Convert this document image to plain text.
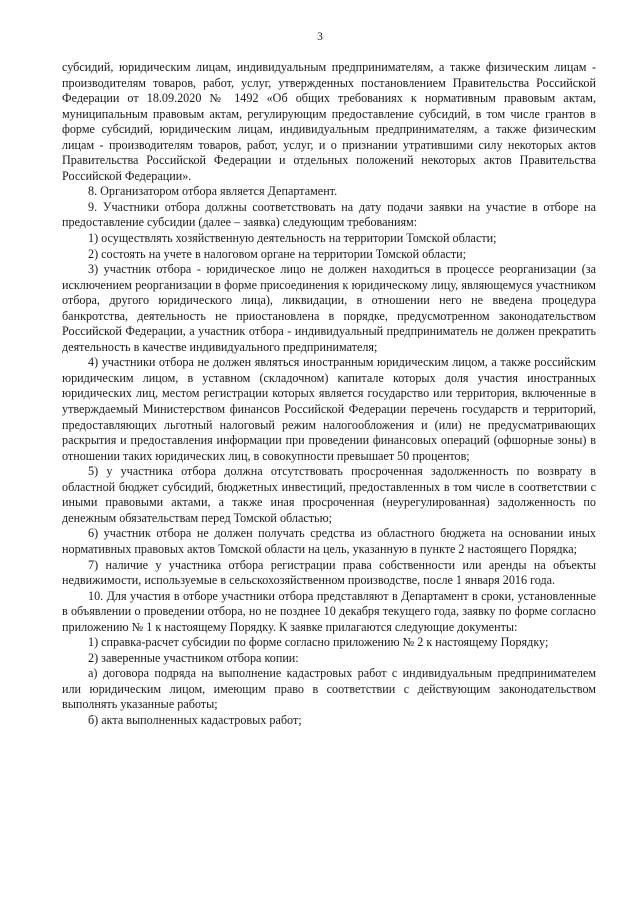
3

субсидий, юридическим лицам, индивидуальным предпринимателям, а также физическим лицам - производителям товаров, работ, услуг, утвержденных постановлением Правительства Российской Федерации от 18.09.2020 № 1492 «Об общих требованиях к нормативным правовым актам, муниципальным правовым актам, регулирующим предоставление субсидий, в том числе грантов в форме субсидий, юридическим лицам, индивидуальным предпринимателям, а также физическим лицам - производителям товаров, работ, услуг, и о признании утратившими силу некоторых актов Правительства Российской Федерации и отдельных положений некоторых актов Правительства Российской Федерации».

8. Организатором отбора является Департамент.

9. Участники отбора должны соответствовать на дату подачи заявки на участие в отборе на предоставление субсидии (далее – заявка) следующим требованиям:

1) осуществлять хозяйственную деятельность на территории Томской области;

2) состоять на учете в налоговом органе на территории Томской области;

3) участник отбора - юридическое лицо не должен находиться в процессе реорганизации (за исключением реорганизации в форме присоединения к юридическому лицу, являющемуся участником отбора, другого юридического лица), ликвидации, в отношении него не введена процедура банкротства, деятельность не приостановлена в порядке, предусмотренном законодательством Российской Федерации, а участник отбора - индивидуальный предприниматель не должен прекратить деятельность в качестве индивидуального предпринимателя;

4) участники отбора не должен являться иностранным юридическим лицом, а также российским юридическим лицом, в уставном (складочном) капитале которых доля участия иностранных юридических лиц, местом регистрации которых является государство или территория, включенные в утверждаемый Министерством финансов Российской Федерации перечень государств и территорий, предоставляющих льготный налоговый режим налогообложения и (или) не предусматривающих раскрытия и предоставления информации при проведении финансовых операций (офшорные зоны) в отношении таких юридических лиц, в совокупности превышает 50 процентов;

5) у участника отбора должна отсутствовать просроченная задолженность по возврату в областной бюджет субсидий, бюджетных инвестиций, предоставленных в том числе в соответствии с иными правовыми актами, а также иная просроченная (неурегулированная) задолженность по денежным обязательствам перед Томской областью;

6) участник отбора не должен получать средства из областного бюджета на основании иных нормативных правовых актов Томской области на цель, указанную в пункте 2 настоящего Порядка;

7) наличие у участника отбора регистрации права собственности или аренды на объекты недвижимости, используемые в сельскохозяйственном производстве, после 1 января 2016 года.

10. Для участия в отборе участники отбора представляют в Департамент в сроки, установленные в объявлении о проведении отбора, но не позднее 10 декабря текущего года, заявку по форме согласно приложению № 1 к настоящему Порядку. К заявке прилагаются следующие документы:

1) справка-расчет субсидии по форме согласно приложению № 2 к настоящему Порядку;

2) заверенные участником отбора копии:

а) договора подряда на выполнение кадастровых работ с индивидуальным предпринимателем или юридическим лицом, имеющим право в соответствии с действующим законодательством выполнять указанные работы;

б) акта выполненных кадастровых работ;
